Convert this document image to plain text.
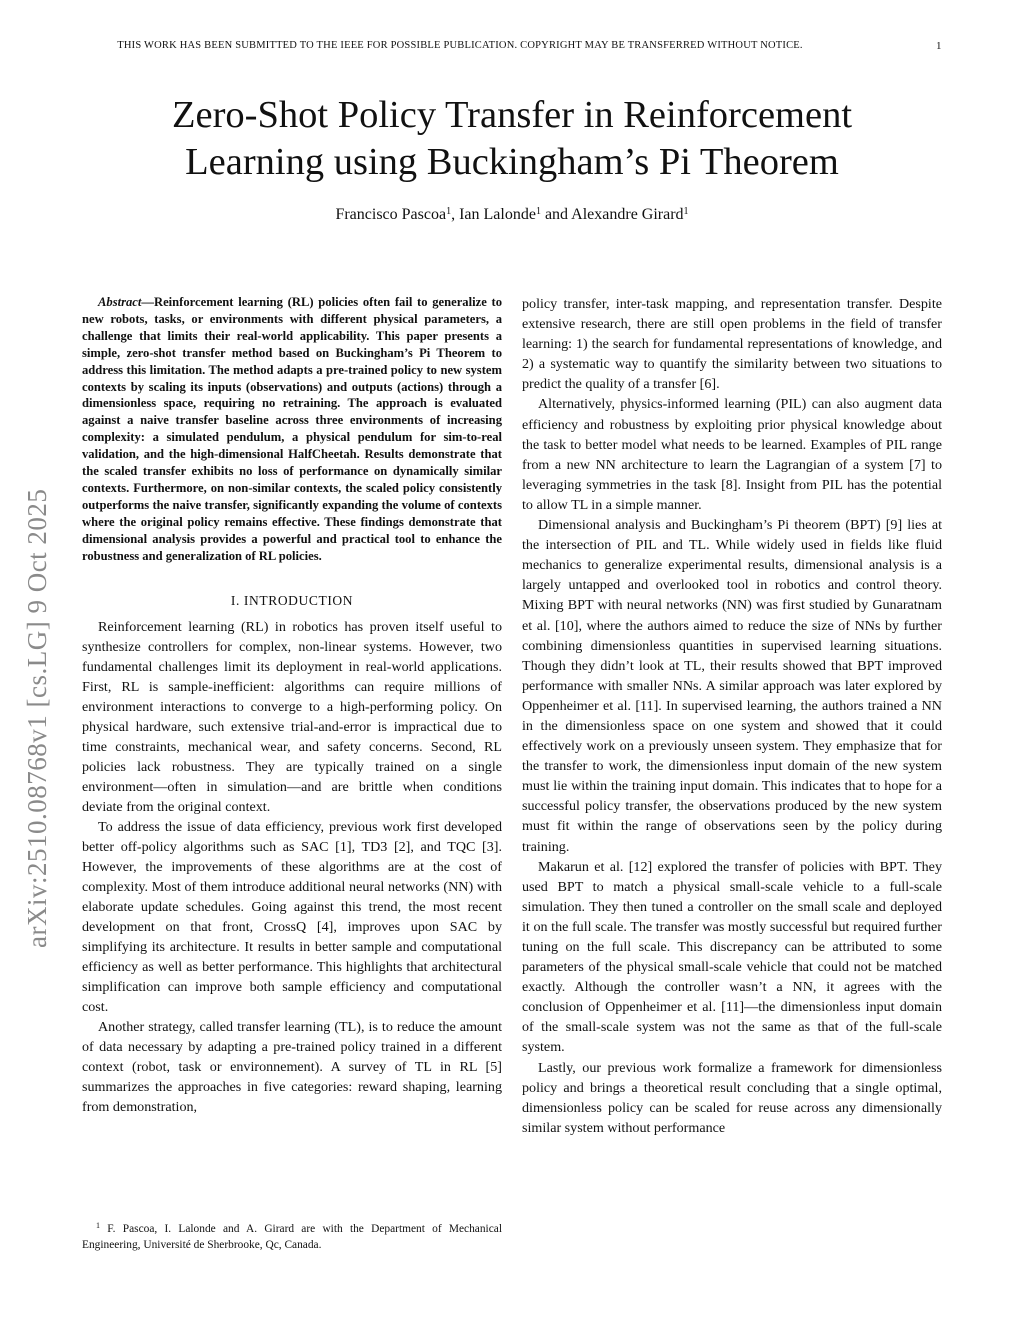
THIS WORK HAS BEEN SUBMITTED TO THE IEEE FOR POSSIBLE PUBLICATION. COPYRIGHT MAY BE TRANSFERRED WITHOUT NOTICE.	1
Zero-Shot Policy Transfer in Reinforcement
Learning using Buckingham’s Pi Theorem
Francisco Pascoa$^1$, Ian Lalonde$^1$ and Alexandre Girard$^1$
arXiv:2510.08768v1 [cs.LG] 9 Oct 2025

Abstract—Reinforcement learning (RL) policies often fail to generalize to new robots, tasks, or environments with different physical parameters, a challenge that limits their real-world applicability. This paper presents a simple, zero-shot transfer method based on Buckingham’s Pi Theorem to address this limitation. The method adapts a pre-trained policy to new system contexts by scaling its inputs (observations) and outputs (actions) through a dimensionless space, requiring no retraining. The approach is evaluated against a naive transfer baseline across three environments of increasing complexity: a simulated pendulum, a physical pendulum for sim-to-real validation, and the high-dimensional HalfCheetah. Results demonstrate that the scaled transfer exhibits no loss of performance on dynamically similar contexts. Furthermore, on non-similar contexts, the scaled policy consistently outperforms the naive transfer, significantly expanding the volume of contexts where the original policy remains effective. These findings demonstrate that dimensional analysis provides a powerful and practical tool to enhance the robustness and generalization of RL policies.

I. INTRODUCTION

Reinforcement learning (RL) in robotics has proven itself useful to synthesize controllers for complex, non-linear systems. However, two fundamental challenges limit its deployment in real-world applications. First, RL is sample-inefficient: algorithms can require millions of environment interactions to converge to a high-performing policy. On physical hardware, such extensive trial-and-error is impractical due to time constraints, mechanical wear, and safety concerns. Second, RL policies lack robustness. They are typically trained on a single environment—often in simulation—and are brittle when conditions deviate from the original context.

To address the issue of data efficiency, previous work first developed better off-policy algorithms such as SAC [1], TD3 [2], and TQC [3]. However, the improvements of these algorithms are at the cost of complexity. Most of them introduce additional neural networks (NN) with elaborate update schedules. Going against this trend, the most recent development on that front, CrossQ [4], improves upon SAC by simplifying its architecture. It results in better sample and computational efficiency as well as better performance. This highlights that architectural simplification can improve both sample efficiency and computational cost.

Another strategy, called transfer learning (TL), is to reduce the amount of data necessary by adapting a pre-trained policy trained in a different context (robot, task or environnement). A survey of TL in RL [5] summarizes the approaches in five categories: reward shaping, learning from demonstration,

policy transfer, inter-task mapping, and representation transfer. Despite extensive research, there are still open problems in the field of transfer learning: 1) the search for fundamental representations of knowledge, and 2) a systematic way to quantify the similarity between two situations to predict the quality of a transfer [6].

Alternatively, physics-informed learning (PIL) can also augment data efficiency and robustness by exploiting prior physical knowledge about the task to better model what needs to be learned. Examples of PIL range from a new NN architecture to learn the Lagrangian of a system [7] to leveraging symmetries in the task [8]. Insight from PIL has the potential to allow TL in a simple manner.

Dimensional analysis and Buckingham’s Pi theorem (BPT) [9] lies at the intersection of PIL and TL. While widely used in fields like fluid mechanics to generalize experimental results, dimensional analysis is a largely untapped and overlooked tool in robotics and control theory. Mixing BPT with neural networks (NN) was first studied by Gunaratnam et al. [10], where the authors aimed to reduce the size of NNs by further combining dimensionless quantities in supervised learning situations. Though they didn’t look at TL, their results showed that BPT improved performance with smaller NNs. A similar approach was later explored by Oppenheimer et al. [11]. In supervised learning, the authors trained a NN in the dimensionless space on one system and showed that it could effectively work on a previously unseen system. They emphasize that for the transfer to work, the dimensionless input domain of the new system must lie within the training input domain. This indicates that to hope for a successful policy transfer, the observations produced by the new system must fit within the range of observations seen by the policy during training.

Makarun et al. [12] explored the transfer of policies with BPT. They used BPT to match a physical small-scale vehicle to a full-scale simulation. They then tuned a controller on the small scale and deployed it on the full scale. The transfer was mostly successful but required further tuning on the full scale. This discrepancy can be attributed to some parameters of the physical small-scale vehicle that could not be matched exactly. Although the controller wasn’t a NN, it agrees with the conclusion of Oppenheimer et al. [11]—the dimensionless input domain of the small-scale system was not the same as that of the full-scale system.

Lastly, our previous work formalize a framework for dimensionless policy and brings a theoretical result concluding that a single optimal, dimensionless policy can be scaled for reuse across any dimensionally similar system without performance

$^1$ F. Pascoa, I. Lalonde and A. Girard are with the Department of Mechanical Engineering, Université de Sherbrooke, Qc, Canada.
